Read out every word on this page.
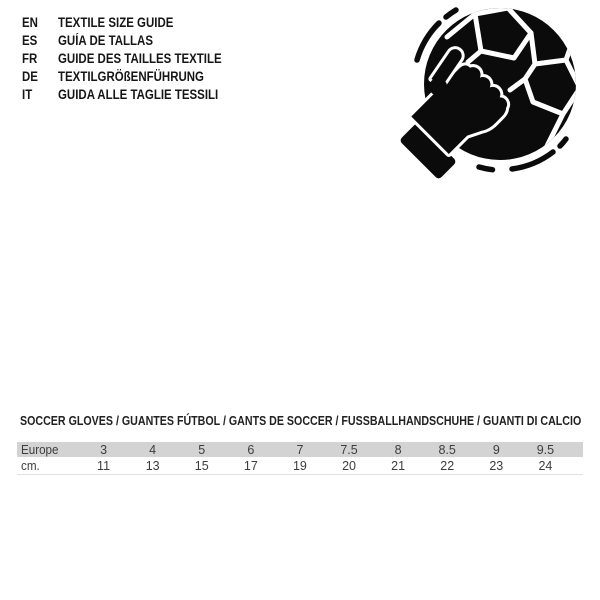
EN	TEXTILE SIZE GUIDE
ES	GUÍA DE TALLAS
FR	GUIDE DES TAILLES TEXTILE
DE	TEXTILGRÖßENFÜHRUNG
IT	GUIDA ALLE TAGLIE TESSILI
SOCCER GLOVES / GUANTES FÚTBOL / GANTS DE SOCCER / FUSSBALLHANDSCHUHE / GUANTI DI CALCIO
Europe	3	4	5	6	7	7.5	8	8.5	9	9.5
cm.	11	13	15	17	19	20	21	22	23	24
